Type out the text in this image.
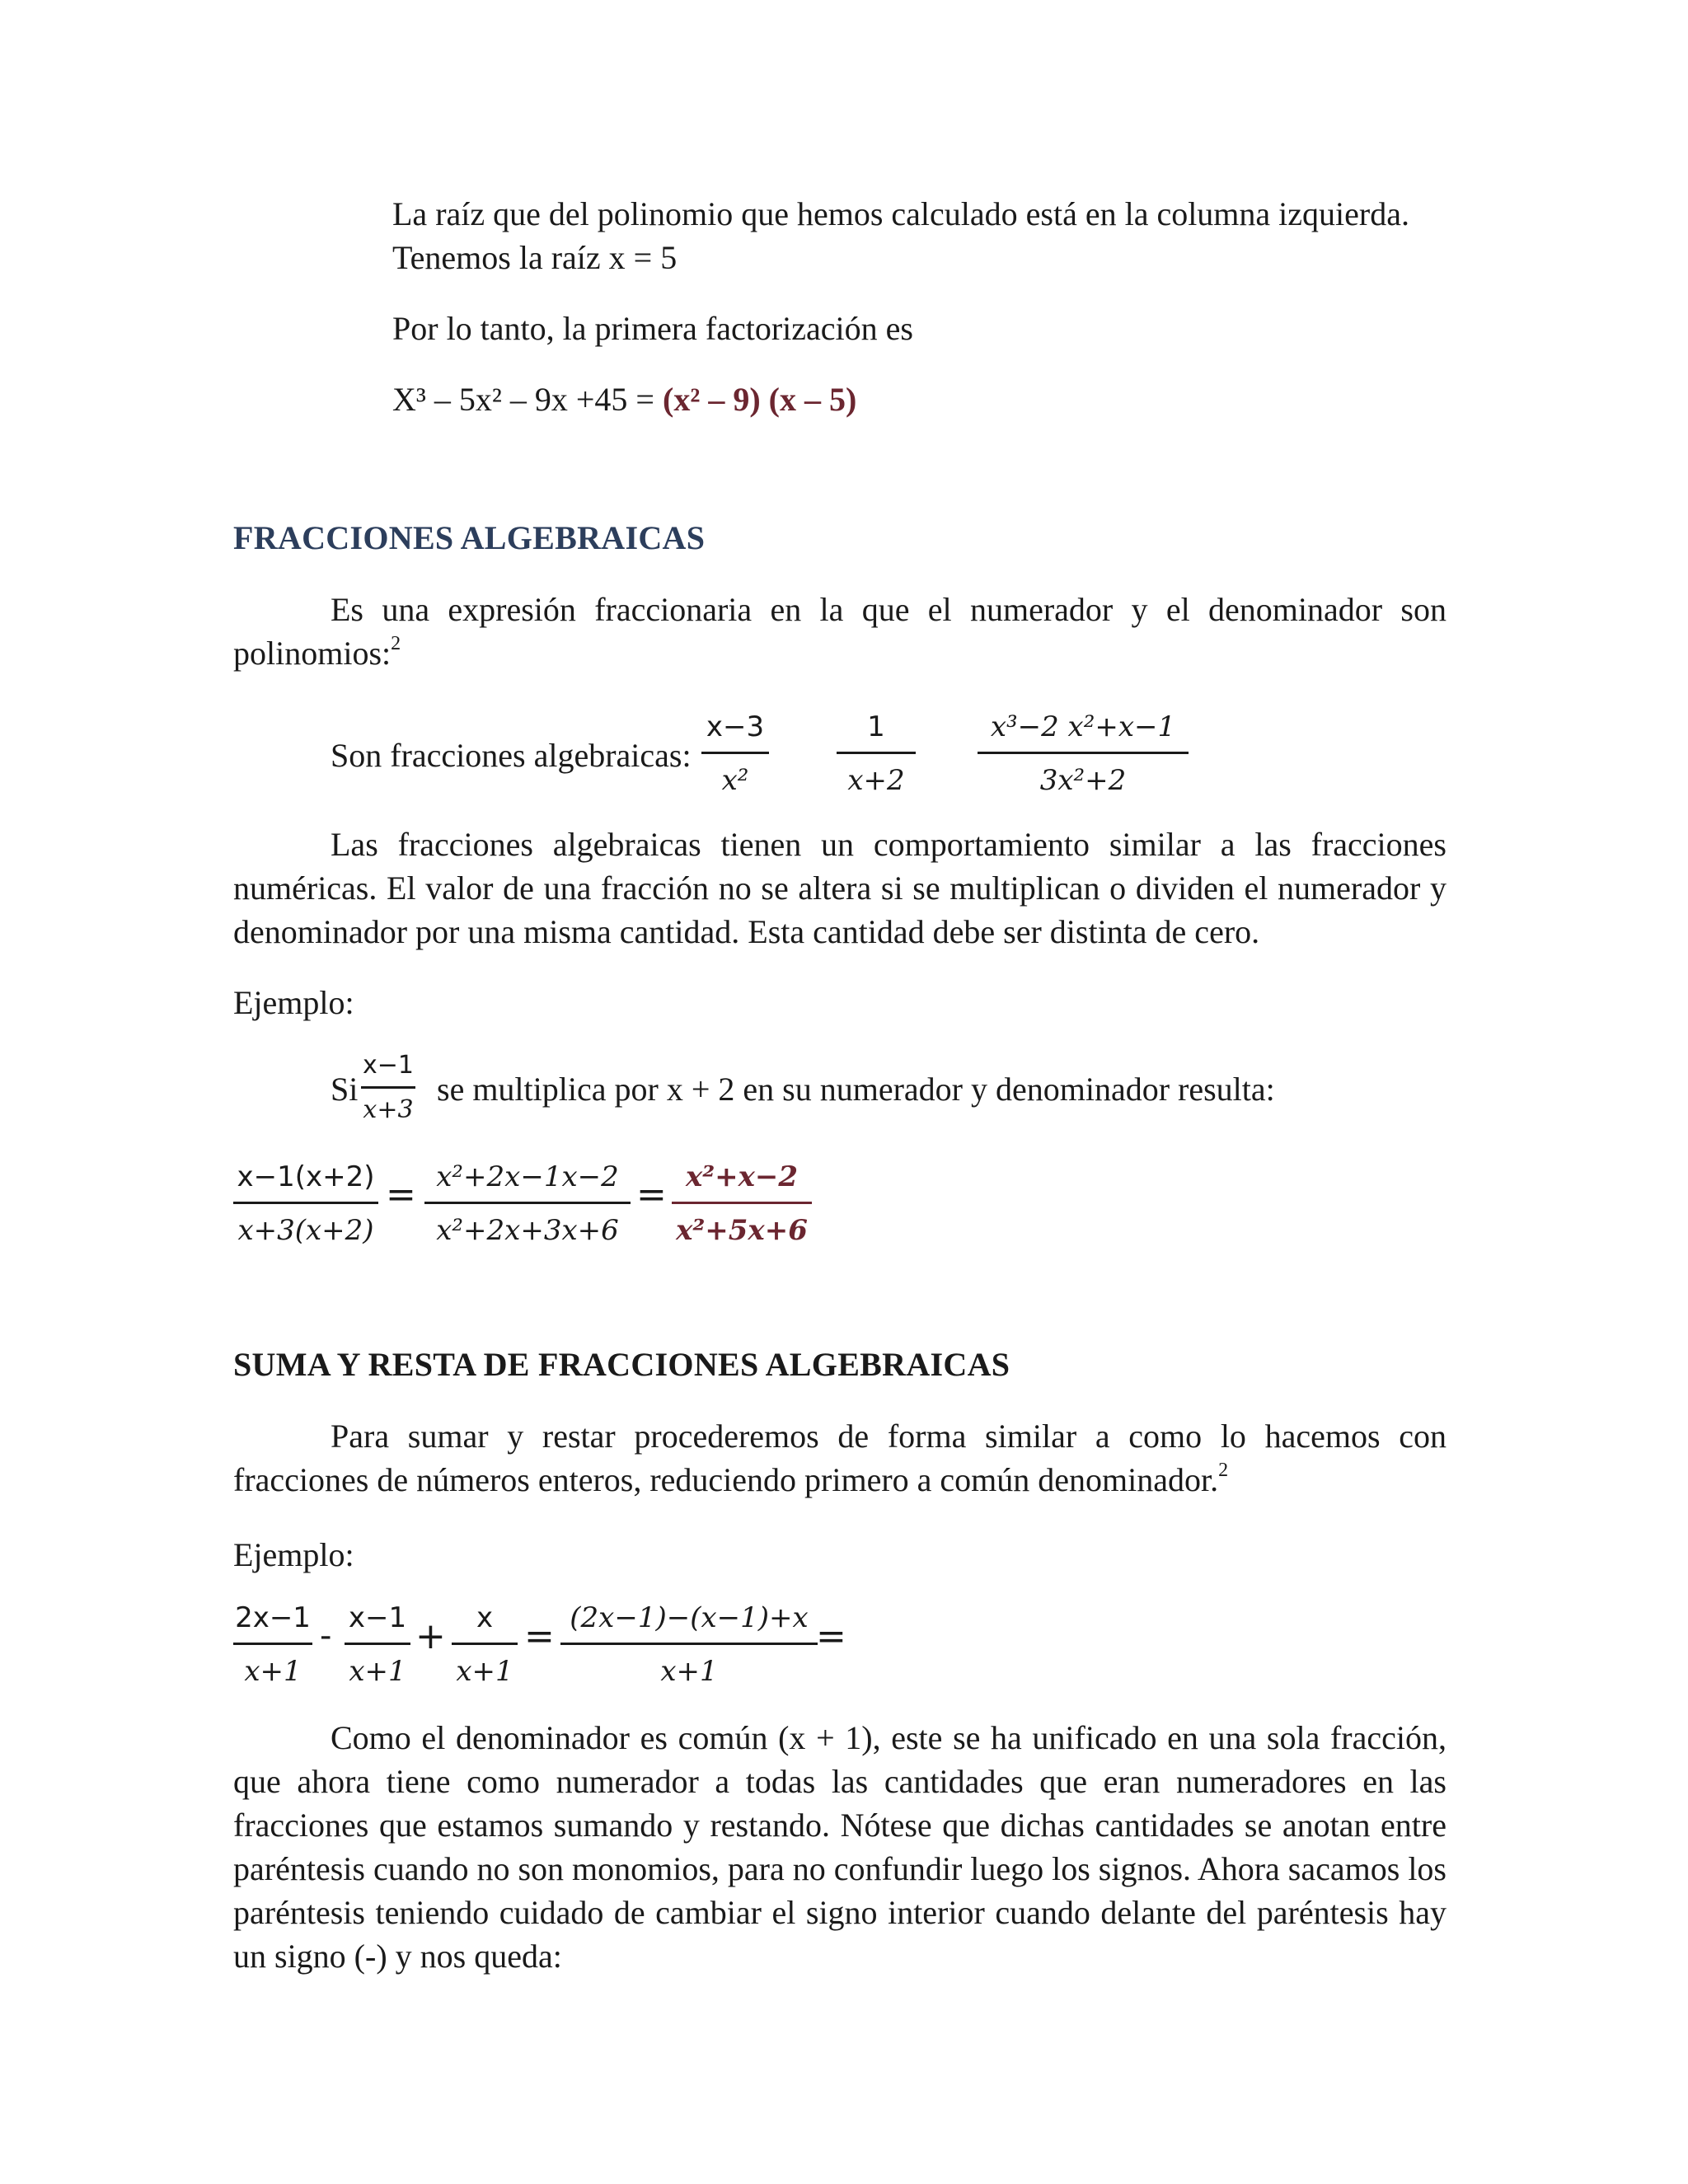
La raíz que del polinomio que hemos calculado está en la columna izquierda.
Tenemos la raíz x = 5
Por lo tanto, la primera factorización es
X³ – 5x² – 9x +45 = (x² – 9) (x – 5)
FRACCIONES ALGEBRAICAS
Es una expresión fraccionaria en la que el numerador y el denominador son polinomios:$^2$
Son fracciones algebraicas: $\frac{x-3}{\text{x²}} \frac{1}{x+2} \frac{\text{x³−2 x²+x−1}}{\text{3x²+2}}$
Las fracciones algebraicas tienen un comportamiento similar a las fracciones numéricas. El valor de una fracción no se altera si se multiplican o dividen el numerador y denominador por una misma cantidad. Esta cantidad debe ser distinta de cero.
Ejemplo:
Si $\frac{x-1}{x+3}$ se multiplica por x + 2 en su numerador y denominador resulta:
$\frac{x-1(x+2)}{x+3(x+2)} = \frac{\text{x²+2x−1x−2}}{\text{x²+2x+3x+6}} = \frac{\text{x²+x−2}}{\text{x²+5x+6}}$
SUMA Y RESTA DE FRACCIONES ALGEBRAICAS
Para sumar y restar procederemos de forma similar a como lo hacemos con fracciones de números enteros, reduciendo primero a común denominador.$^2$
Ejemplo:
$\frac{2x-1}{x+1} - \frac{x-1}{x+1} + \frac{x}{x+1} = \frac{(2x-1)-(x-1)+x}{x+1}$
=
Como el denominador es común (x + 1), este se ha unificado en una sola fracción, que ahora tiene como numerador a todas las cantidades que eran numeradores en las fracciones que estamos sumando y restando. Nótese que dichas cantidades se anotan entre paréntesis cuando no son monomios, para no confundir luego los signos. Ahora sacamos los paréntesis teniendo cuidado de cambiar el signo interior cuando delante del paréntesis hay un signo (-) y nos queda:
